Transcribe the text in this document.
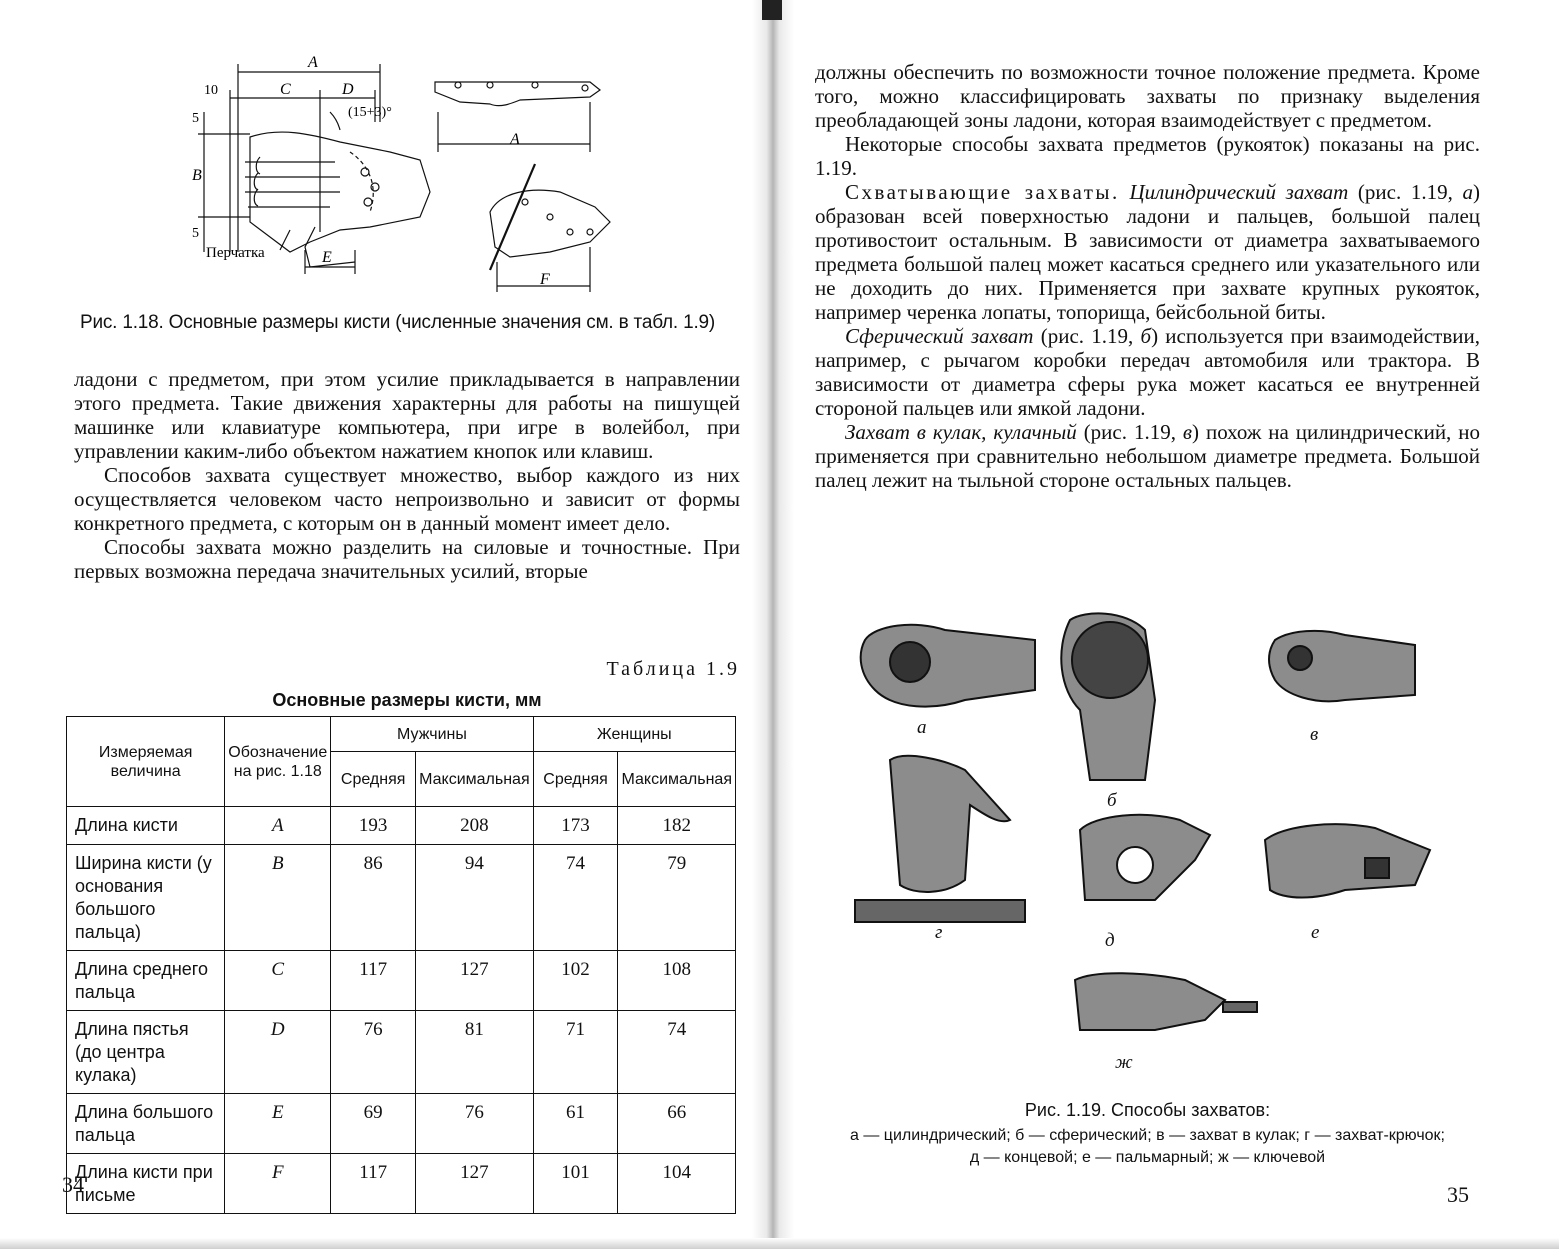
A
C	D
10
(15+3)°
5
B
5
Перчатка	E
A
F
Рис. 1.18. Основные размеры кисти (численные значения см. в табл. 1.9)

ладони с предметом, при этом усилие прикладывается в направлении этого предмета. Такие движения характерны для работы на пишущей машинке или клавиатуре компьютера, при игре в волейбол, при управлении каким-либо объектом нажатием кнопок или клавиш.

Способов захвата существует множество, выбор каждого из них осуществляется человеком часто непроизвольно и зависит от формы конкретного предмета, с которым он в данный момент имеет дело.

Способы захвата можно разделить на силовые и точностные. При первых возможна передача значительных усилий, вторые

Таблица 1.9
Основные размеры кисти, мм
Измеряемая величина	Обозначение на рис. 1.18	Мужчины		Женщины	
		Средняя	Максимальная	Средняя	Максимальная
Длина кисти	A	193	208	173	182
Ширина кисти (у основания большого пальца)	B	86	94	74	79
Длина среднего пальца	C	117	127	102	108
Длина пястья (до центра кулака)	D	76	81	71	74
Длина большого пальца	E	69	76	61	66
Длина кисти при письме	F	117	127	101	104
34

должны обеспечить по возможности точное положение предмета. Кроме того, можно классифицировать захваты по признаку выделения преобладающей зоны ладони, которая взаимодействует с предметом.

Некоторые способы захвата предметов (рукояток) показаны на рис. 1.19.

Схватывающие захваты. Цилиндрический захват (рис. 1.19, а) образован всей поверхностью ладони и пальцев, большой палец противостоит остальным. В зависимости от диаметра захватываемого предмета большой палец может касаться среднего или указательного или не доходить до них. Применяется при захвате крупных рукояток, например черенка лопаты, топорища, бейсбольной биты.

Сферический захват (рис. 1.19, б) используется при взаимодействии, например, с рычагом коробки передач автомобиля или трактора. В зависимости от диаметра сферы рука может касаться ее внутренней стороной пальцев или ямкой ладони.

Захват в кулак, кулачный (рис. 1.19, в) похож на цилиндрический, но применяется при сравнительно небольшом диаметре предмета. Большой палец лежит на тыльной стороне остальных пальцев.

а
б
в
г	д	е
ж
Рис. 1.19. Способы захватов:
а — цилиндрический; б — сферический; в — захват в кулак; г — захват-крючок;
д — концевой; е — пальмарный; ж — ключевой
35
